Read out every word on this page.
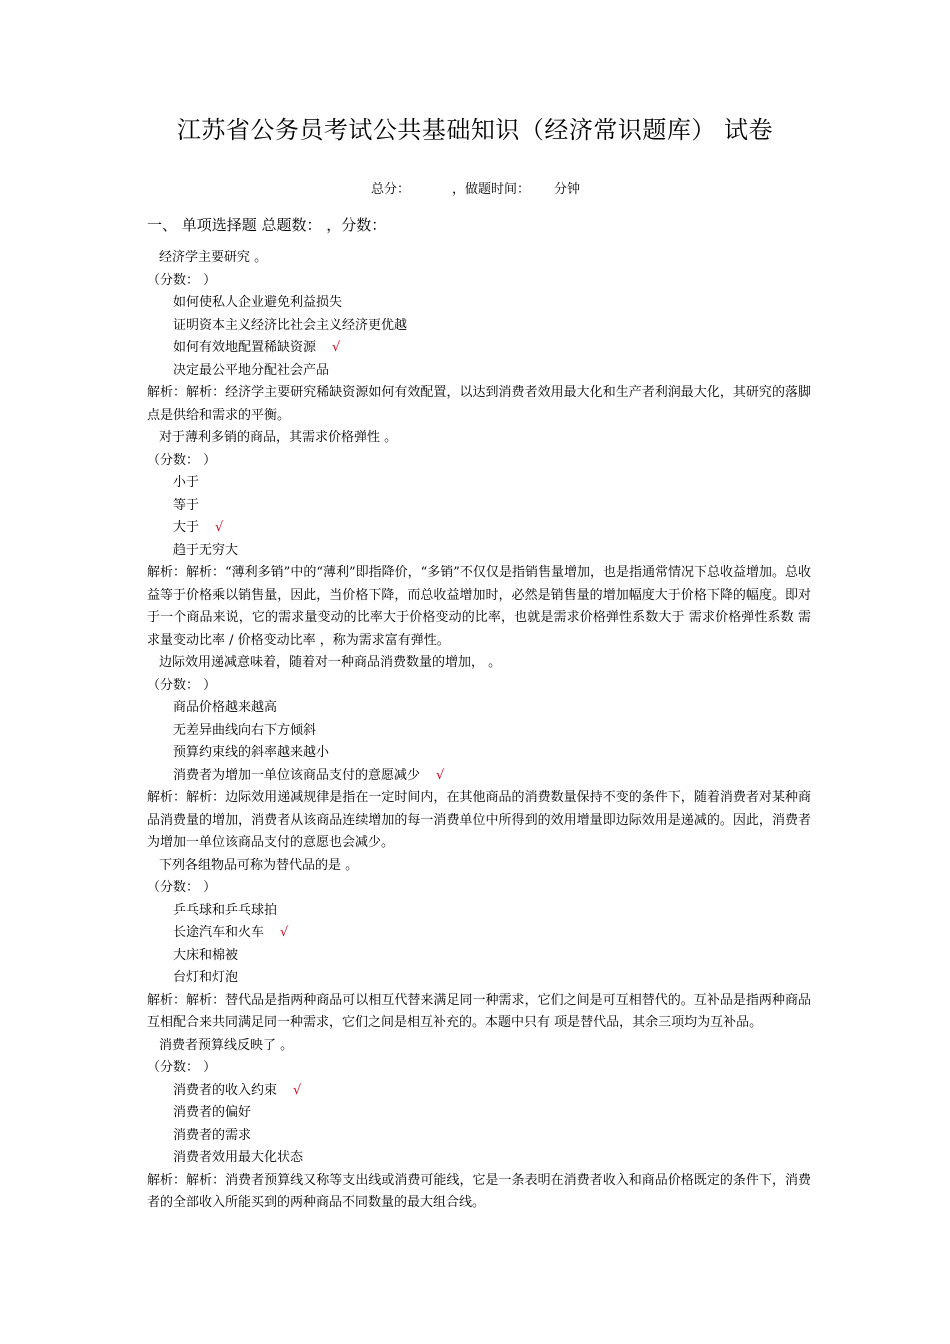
江苏省公务员考试公共基础知识（经济常识题库） 试卷
总分：	，做题时间： 分钟
一、 单项选择题 总题数： ，分数：
经济学主要研究 。
（分数： ）
如何使私人企业避免利益损失
证明资本主义经济比社会主义经济更优越
如何有效地配置稀缺资源 √
决定最公平地分配社会产品
解析：解析：经济学主要研究稀缺资源如何有效配置，以达到消费者效用最大化和生产者利润最大化，其研究的落脚点是供给和需求的平衡。
对于薄利多销的商品，其需求价格弹性 。
（分数： ）
小于
等于
大于 √
趋于无穷大
解析：解析：“薄利多销”中的“薄利”即指降价，“多销”不仅仅是指销售量增加，也是指通常情况下总收益增加。总收益等于价格乘以销售量，因此，当价格下降，而总收益增加时，必然是销售量的增加幅度大于价格下降的幅度。即对于一个商品来说，它的需求量变动的比率大于价格变动的比率，也就是需求价格弹性系数大于 需求价格弹性系数 需求量变动比率 / 价格变动比率 ，称为需求富有弹性。
边际效用递减意味着，随着对一种商品消费数量的增加， 。
（分数： ）
商品价格越来越高
无差异曲线向右下方倾斜
预算约束线的斜率越来越小
消费者为增加一单位该商品支付的意愿减少 √
解析：解析：边际效用递减规律是指在一定时间内，在其他商品的消费数量保持不变的条件下，随着消费者对某种商品消费量的增加，消费者从该商品连续增加的每一消费单位中所得到的效用增量即边际效用是递减的。因此，消费者为增加一单位该商品支付的意愿也会减少。
下列各组物品可称为替代品的是 。
（分数： ）
乒乓球和乒乓球拍
长途汽车和火车 √
大床和棉被
台灯和灯泡
解析：解析：替代品是指两种商品可以相互代替来满足同一种需求，它们之间是可互相替代的。互补品是指两种商品互相配合来共同满足同一种需求，它们之间是相互补充的。本题中只有 项是替代品，其余三项均为互补品。
消费者预算线反映了 。
（分数： ）
消费者的收入约束 √
消费者的偏好
消费者的需求
消费者效用最大化状态
解析：解析：消费者预算线又称等支出线或消费可能线，它是一条表明在消费者收入和商品价格既定的条件下，消费者的全部收入所能买到的两种商品不同数量的最大组合线。
